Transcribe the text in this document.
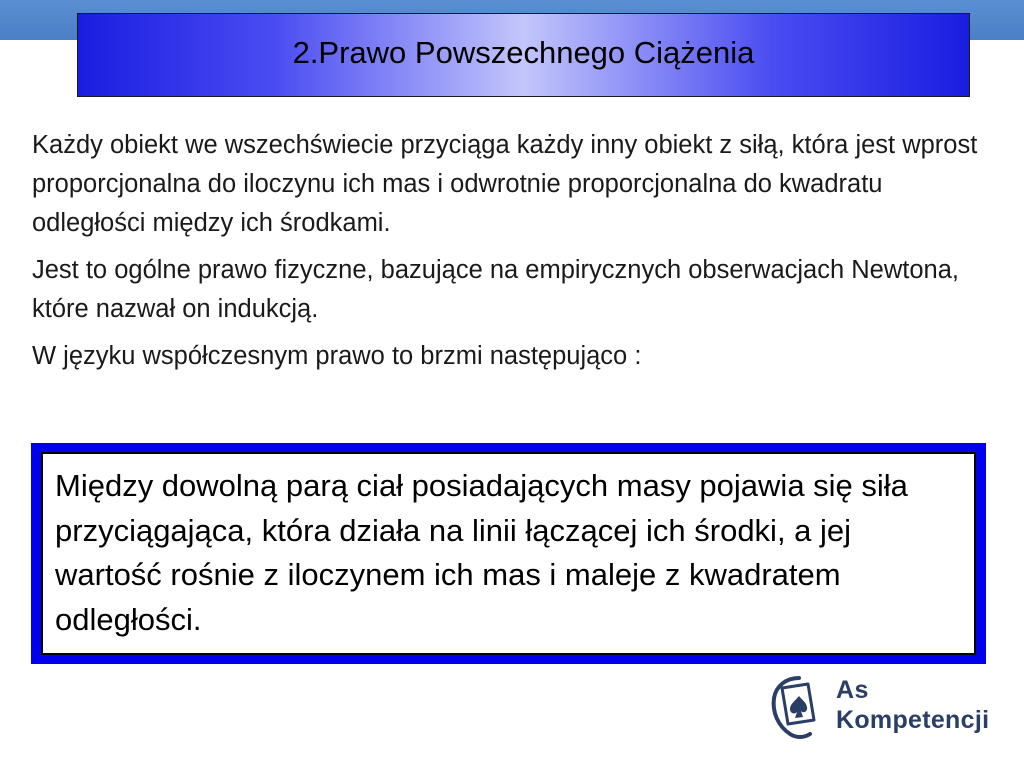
2.Prawo Powszechnego Ciążenia

Każdy obiekt we wszechświecie przyciąga każdy inny obiekt z siłą, która jest wprost proporcjonalna do iloczynu ich mas i odwrotnie proporcjonalna do kwadratu odległości między ich środkami.

Jest to ogólne prawo fizyczne, bazujące na empirycznych obserwacjach Newtona, które nazwał on indukcją.

W języku współczesnym prawo to brzmi następująco :

Między dowolną parą ciał posiadających masy pojawia się siła przyciągająca, która działa na linii łączącej ich środki, a jej wartość rośnie z iloczynem ich mas i maleje z kwadratem odległości.

As
Kompetencji
